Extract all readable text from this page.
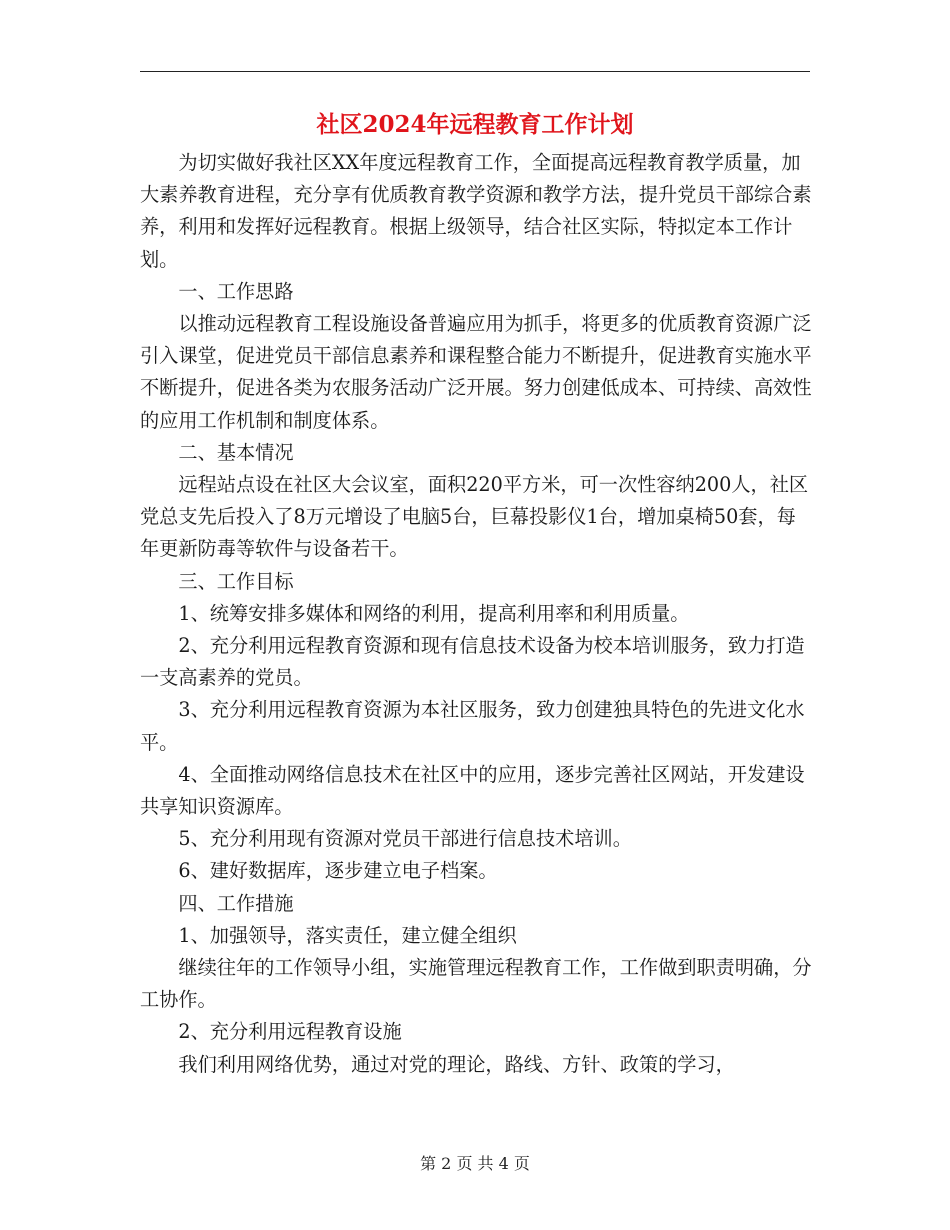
社区2024年远程教育工作计划

为切实做好我社区XX年度远程教育工作，全面提高远程教育教学质量，加大素养教育进程，充分享有优质教育教学资源和教学方法，提升党员干部综合素养，利用和发挥好远程教育。根据上级领导，结合社区实际，特拟定本工作计划。

一、工作思路

以推动远程教育工程设施设备普遍应用为抓手，将更多的优质教育资源广泛引入课堂，促进党员干部信息素养和课程整合能力不断提升，促进教育实施水平不断提升，促进各类为农服务活动广泛开展。努力创建低成本、可持续、高效性的应用工作机制和制度体系。

二、基本情况

远程站点设在社区大会议室，面积220平方米，可一次性容纳200人，社区党总支先后投入了8万元增设了电脑5台，巨幕投影仪1台，增加桌椅50套，每年更新防毒等软件与设备若干。

三、工作目标

1、统筹安排多媒体和网络的利用，提高利用率和利用质量。

2、充分利用远程教育资源和现有信息技术设备为校本培训服务，致力打造一支高素养的党员。

3、充分利用远程教育资源为本社区服务，致力创建独具特色的先进文化水平。

4、全面推动网络信息技术在社区中的应用，逐步完善社区网站，开发建设共享知识资源库。

5、充分利用现有资源对党员干部进行信息技术培训。

6、建好数据库，逐步建立电子档案。

四、工作措施

1、加强领导，落实责任，建立健全组织

继续往年的工作领导小组，实施管理远程教育工作，工作做到职责明确，分工协作。

2、充分利用远程教育设施

我们利用网络优势，通过对党的理论，路线、方针、政策的学习，

第 2 页 共 4 页
